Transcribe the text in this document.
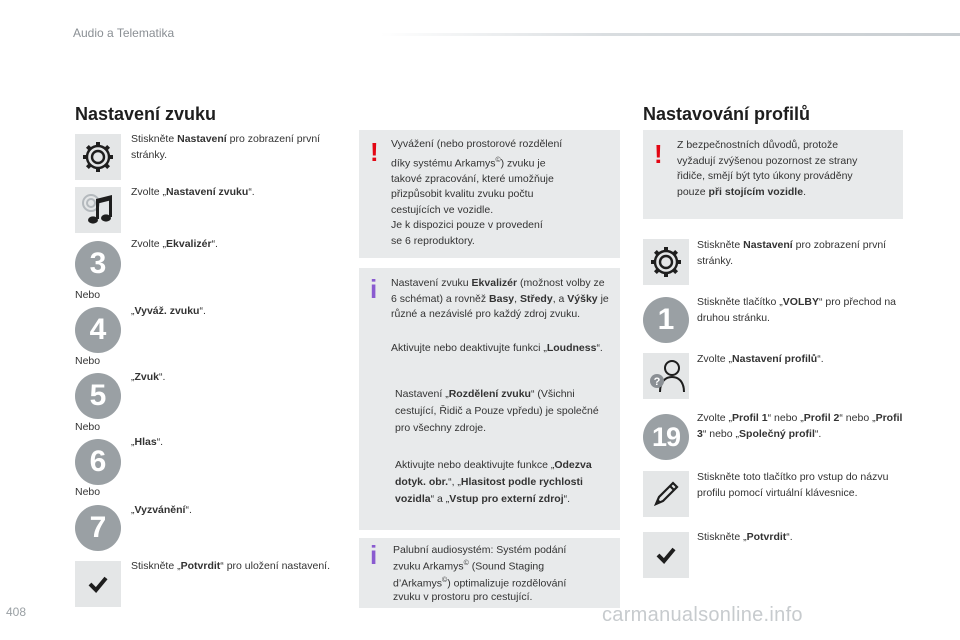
Audio a Telematika
Nastavení zvuku
Stiskněte Nastavení pro zobrazení první stránky.
Zvolte „Nastavení zvuku“.
3
Zvolte „Ekvalizér“.
Nebo
4
„Vyváž. zvuku“.
Nebo
5
„Zvuk“.
Nebo
6
„Hlas“.
Nebo
7
„Vyzvánění“.
Stiskněte „Potvrdit“ pro uložení nastavení.
! Vyvážení (nebo prostorové rozdělení
díky systému Arkamys©) zvuku je
takové zpracování, které umožňuje
přizpůsobit kvalitu zvuku počtu
cestujících ve vozidle.
Je k dispozici pouze v provedení
se 6 reproduktory.
i Nastavení zvuku Ekvalizér (možnost volby ze 6 schémat) a rovněž Basy, Středy, a Výšky je různé a nezávislé pro každý zdroj zvuku.
Aktivujte nebo deaktivujte funkci „Loudness“.
Nastavení „Rozdělení zvuku“ (Všichni cestující, Řidič a Pouze vpředu) je společné pro všechny zdroje.
Aktivujte nebo deaktivujte funkce „Odezva dotyk. obr.“, „Hlasitost podle rychlosti vozidla“ a „Vstup pro externí zdroj“.
i Palubní audiosystém: Systém podání
zvuku Arkamys© (Sound Staging
d’Arkamys©) optimalizuje rozdělování
zvuku v prostoru pro cestující.
Nastavování profilů
! Z bezpečnostních důvodů, protože
vyžadují zvýšenou pozornost ze strany
řidiče, smějí být tyto úkony prováděny
pouze při stojícím vozidle.
Stiskněte Nastavení pro zobrazení první stránky.
1
Stiskněte tlačítko „VOLBY“ pro přechod na druhou stránku.
?
Zvolte „Nastavení profilů“.
19
Zvolte „Profil 1“ nebo „Profil 2“ nebo „Profil 3“ nebo „Společný profil“.
Stiskněte toto tlačítko pro vstup do názvu profilu pomocí virtuální klávesnice.
Stiskněte „Potvrdit“.
408	carmanualsonline.info
